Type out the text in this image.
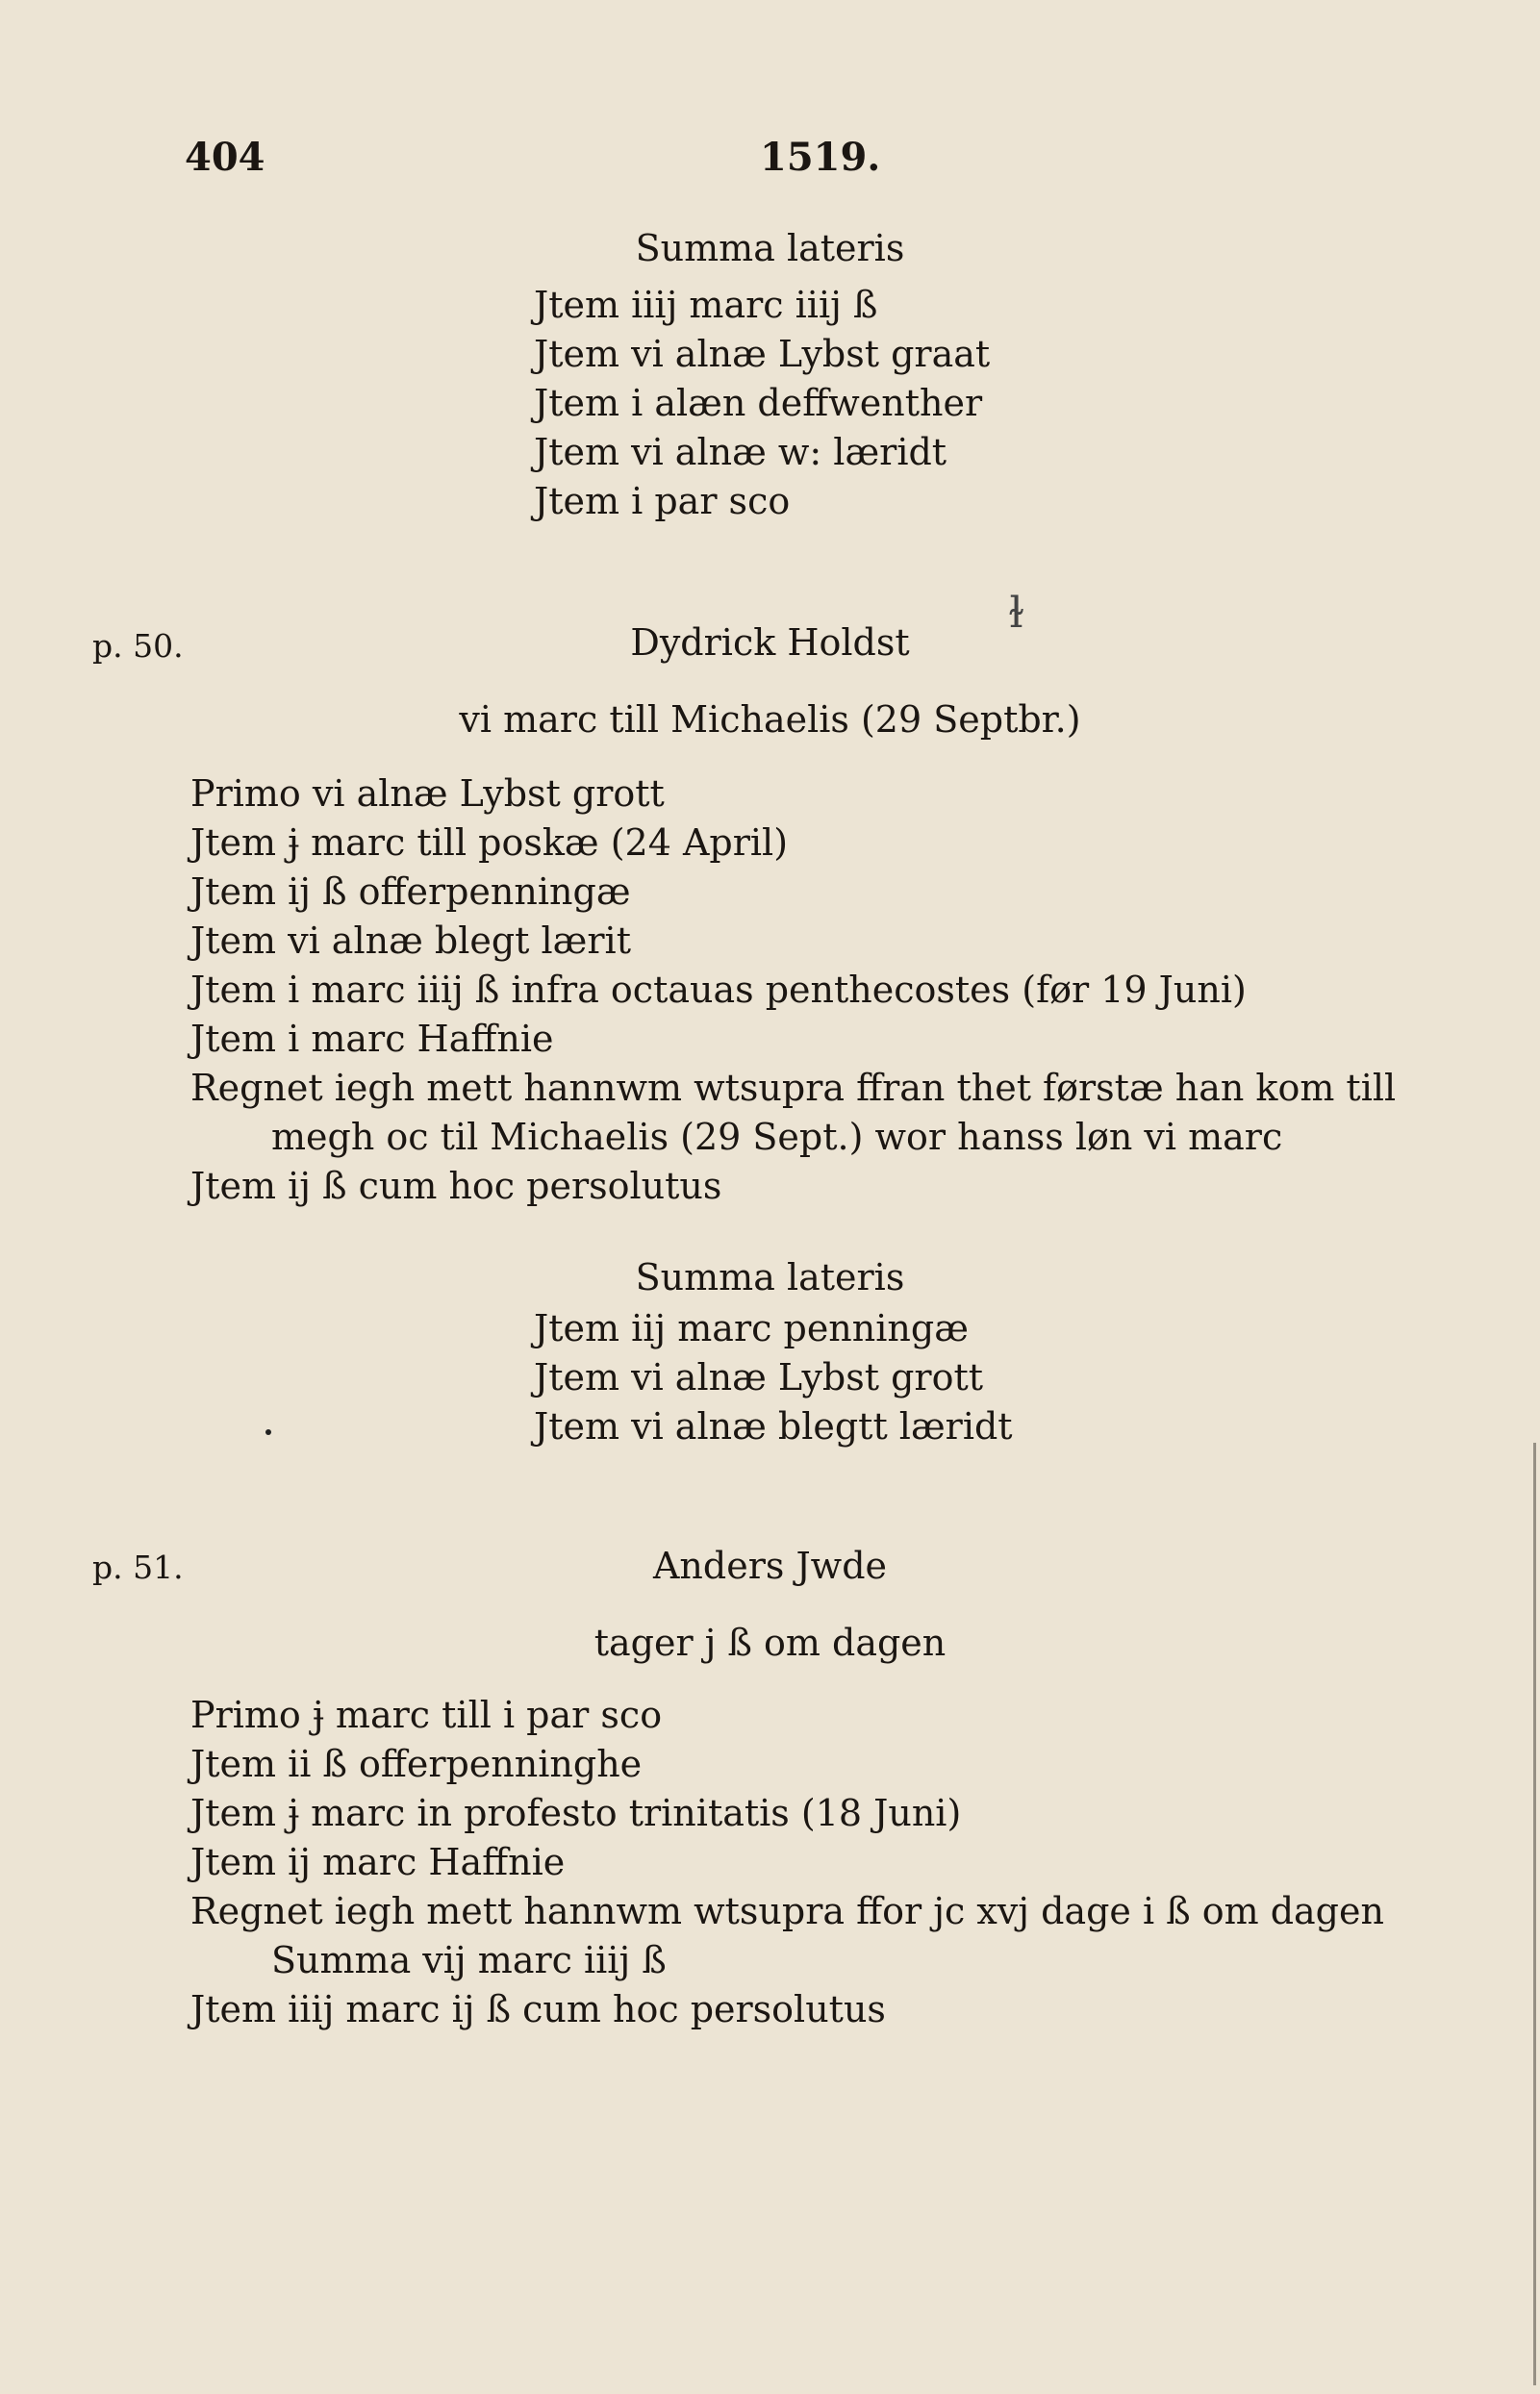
404	1519.
Summa lateris
Jtem iiij marc iiij ß
Jtem vi alnæ Lybst graat
Jtem i alæn deffwenther
Jtem vi alnæ w: læridt
Jtem i par sco
p. 50.	Dydrick Holdst
ɫ
vi marc till Michaelis (29 Septbr.)
Primo vi alnæ Lybst grott
Jtem ɉ marc till poskæ (24 April)
Jtem ij ß offerpenningæ
Jtem vi alnæ blegt lærit
Jtem i marc iiij ß infra octauas penthecostes (før 19 Juni)
Jtem i marc Haffnie
Regnet iegh mett hannwm wtsupra ffran thet førstæ han kom till
megh oc til Michaelis (29 Sept.) wor hanss løn vi marc
Jtem ij ß cum hoc persolutus
Summa lateris
Jtem iij marc penningæ
Jtem vi alnæ Lybst grott
Jtem vi alnæ blegtt læridt
p. 51.	Anders Jwde
tager j ß om dagen
Primo ɉ marc till i par sco
Jtem ii ß offerpenninghe
Jtem ɉ marc in profesto trinitatis (18 Juni)
Jtem ij marc Haffnie
Regnet iegh mett hannwm wtsupra ffor jc xvj dage i ß om dagen
Summa vij marc iiij ß
Jtem iiij marc ij ß cum hoc persolutus
